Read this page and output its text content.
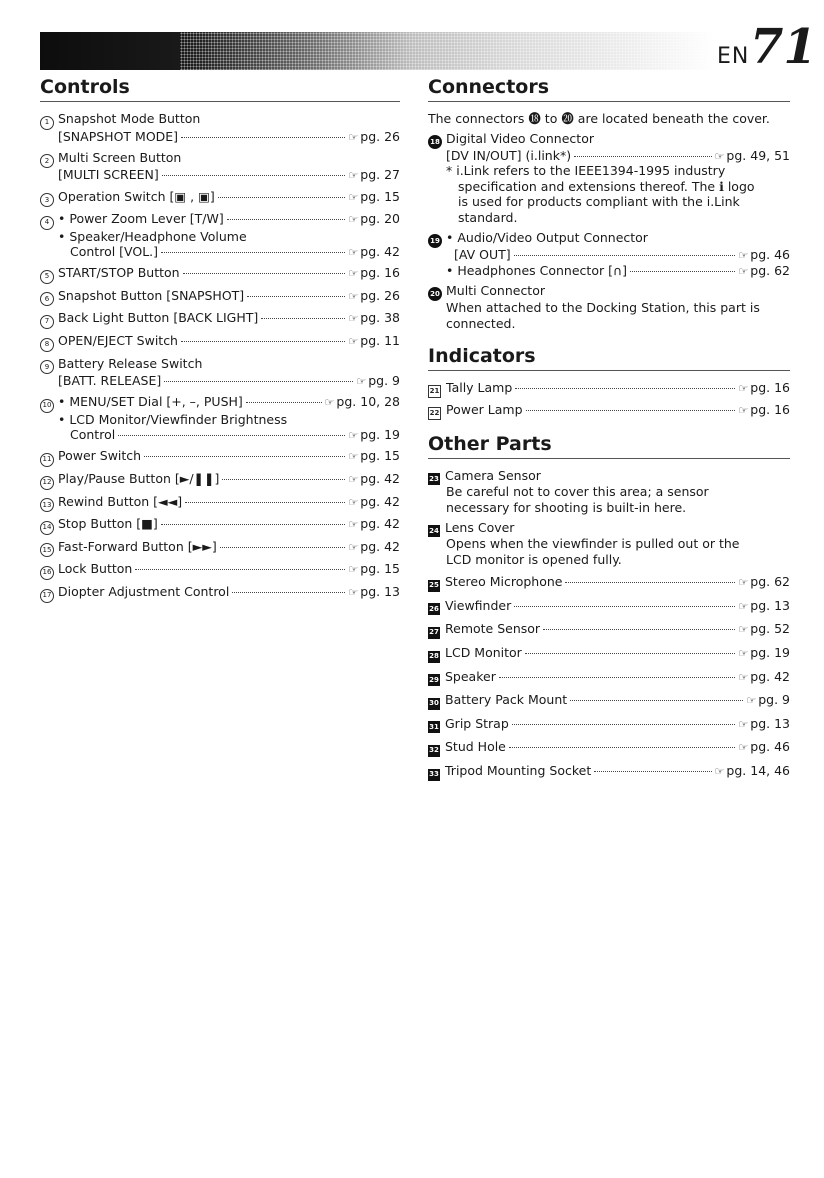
EN 71
Controls
1 Snapshot Mode Button
[SNAPSHOT MODE]	☞ pg. 26
2 Multi Screen Button
[MULTI SCREEN]	☞ pg. 27
3 Operation Switch [▣ , ▣]	☞ pg. 15
4 • Power Zoom Lever [T/W]	☞ pg. 20
• Speaker/Headphone Volume
Control [VOL.]	☞ pg. 42
5 START/STOP Button	☞ pg. 16
6 Snapshot Button [SNAPSHOT]	☞ pg. 26
7 Back Light Button [BACK LIGHT]	☞ pg. 38
8 OPEN/EJECT Switch	☞ pg. 11
9 Battery Release Switch
[BATT. RELEASE]	☞ pg. 9
10 • MENU/SET Dial [+, –, PUSH]	☞ pg. 10, 28
• LCD Monitor/Viewfinder Brightness
Control	☞ pg. 19
11 Power Switch	☞ pg. 15
12 Play/Pause Button [►/❚❚]	☞ pg. 42
13 Rewind Button [◄◄]	☞ pg. 42
14 Stop Button [■]	☞ pg. 42
15 Fast-Forward Button [►►]	☞ pg. 42
16 Lock Button	☞ pg. 15
17 Diopter Adjustment Control	☞ pg. 13
Connectors
The connectors ⓲ to ⓴ are located beneath the cover.
18 Digital Video Connector
[DV IN/OUT] (i.link*)	☞ pg. 49, 51
* i.Link refers to the IEEE1394-1995 industry
specification and extensions thereof. The ℹ logo
is used for products compliant with the i.Link
standard.
19 • Audio/Video Output Connector
[AV OUT]	☞ pg. 46
• Headphones Connector [∩]	☞ pg. 62
20 Multi Connector
When attached to the Docking Station, this part is
connected.
Indicators
21 Tally Lamp	☞ pg. 16
22 Power Lamp	☞ pg. 16
Other Parts
23 Camera Sensor
Be careful not to cover this area; a sensor
necessary for shooting is built-in here.
24 Lens Cover
Opens when the viewfinder is pulled out or the
LCD monitor is opened fully.
25 Stereo Microphone	☞ pg. 62
26 Viewfinder	☞ pg. 13
27 Remote Sensor	☞ pg. 52
28 LCD Monitor	☞ pg. 19
29 Speaker	☞ pg. 42
30 Battery Pack Mount	☞ pg. 9
31 Grip Strap	☞ pg. 13
32 Stud Hole	☞ pg. 46
33 Tripod Mounting Socket	☞ pg. 14, 46
